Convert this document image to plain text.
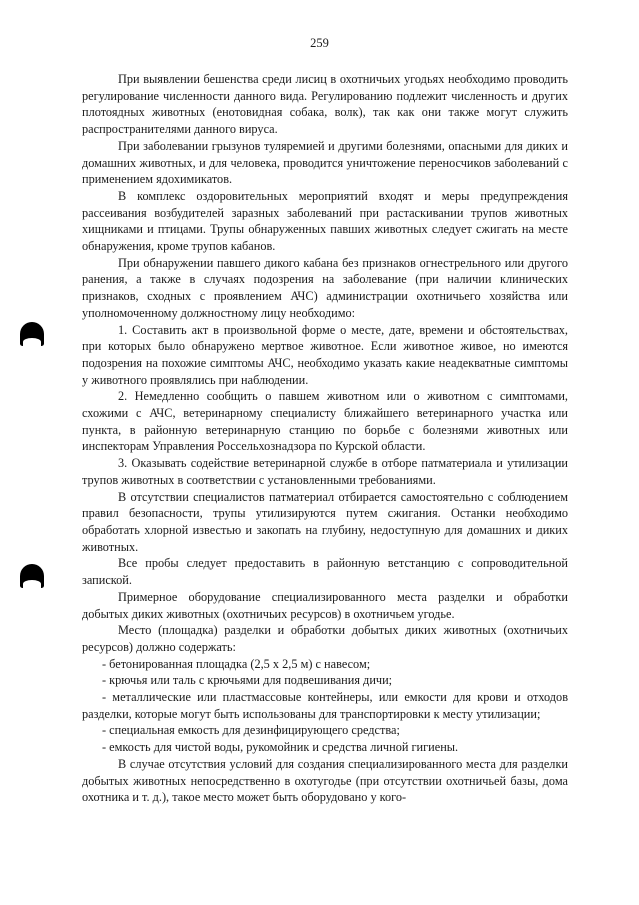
259

При выявлении бешенства среди лисиц в охотничьих угодьях необходимо проводить регулирование численности данного вида. Регулированию подлежит численность и других плотоядных животных (енотовидная собака, волк), так как они также могут служить распространителями данного вируса.

При заболевании грызунов туляремией и другими болезнями, опасными для диких и домашних животных, и для человека, проводится уничтожение переносчиков заболеваний с применением ядохимикатов.

В комплекс оздоровительных мероприятий входят и меры предупреждения рассеивания возбудителей заразных заболеваний при растаскивании трупов животных хищниками и птицами. Трупы обнаруженных павших животных следует сжигать на месте обнаружения, кроме трупов кабанов.

При обнаружении павшего дикого кабана без признаков огнестрельного или другого ранения, а также в случаях подозрения на заболевание (при наличии клинических признаков, сходных с проявлением АЧС) администрации охотничьего хозяйства или уполномоченному должностному лицу необходимо:

1. Составить акт в произвольной форме о месте, дате, времени и обстоятельствах, при которых было обнаружено мертвое животное. Если животное живое, но имеются подозрения на похожие симптомы АЧС, необходимо указать какие неадекватные симптомы у животного проявлялись при наблюдении.

2. Немедленно сообщить о павшем животном или о животном с симптомами, схожими с АЧС, ветеринарному специалисту ближайшего ветеринарного участка или пункта, в районную ветеринарную станцию по борьбе с болезнями животных или инспекторам Управления Россельхознадзора по Курской области.

3. Оказывать содействие ветеринарной службе в отборе патматериала и утилизации трупов животных в соответствии с установленными требованиями.

В отсутствии специалистов патматериал отбирается самостоятельно с соблюдением правил безопасности, трупы утилизируются путем сжигания. Останки необходимо обработать хлорной известью и закопать на глубину, недоступную для домашних и диких животных.

Все пробы следует предоставить в районную ветстанцию с сопроводительной запиской.

Примерное оборудование специализированного места разделки и обработки добытых диких животных (охотничьих ресурсов) в охотничьем угодье.

Место (площадка) разделки и обработки добытых диких животных (охотничьих ресурсов) должно содержать:

- бетонированная площадка (2,5 х 2,5 м) с навесом;

- крючья или таль с крючьями для подвешивания дичи;

- металлические или пластмассовые контейнеры, или емкости для крови и отходов разделки, которые могут быть использованы для транспортировки к месту утилизации;

- специальная емкость для дезинфицирующего средства;

- емкость для чистой воды, рукомойник и средства личной гигиены.

В случае отсутствия условий для создания специализированного места для разделки добытых животных непосредственно в охотугодье (при отсутствии охотничьей базы, дома охотника и т. д.), такое место может быть оборудовано у кого-
